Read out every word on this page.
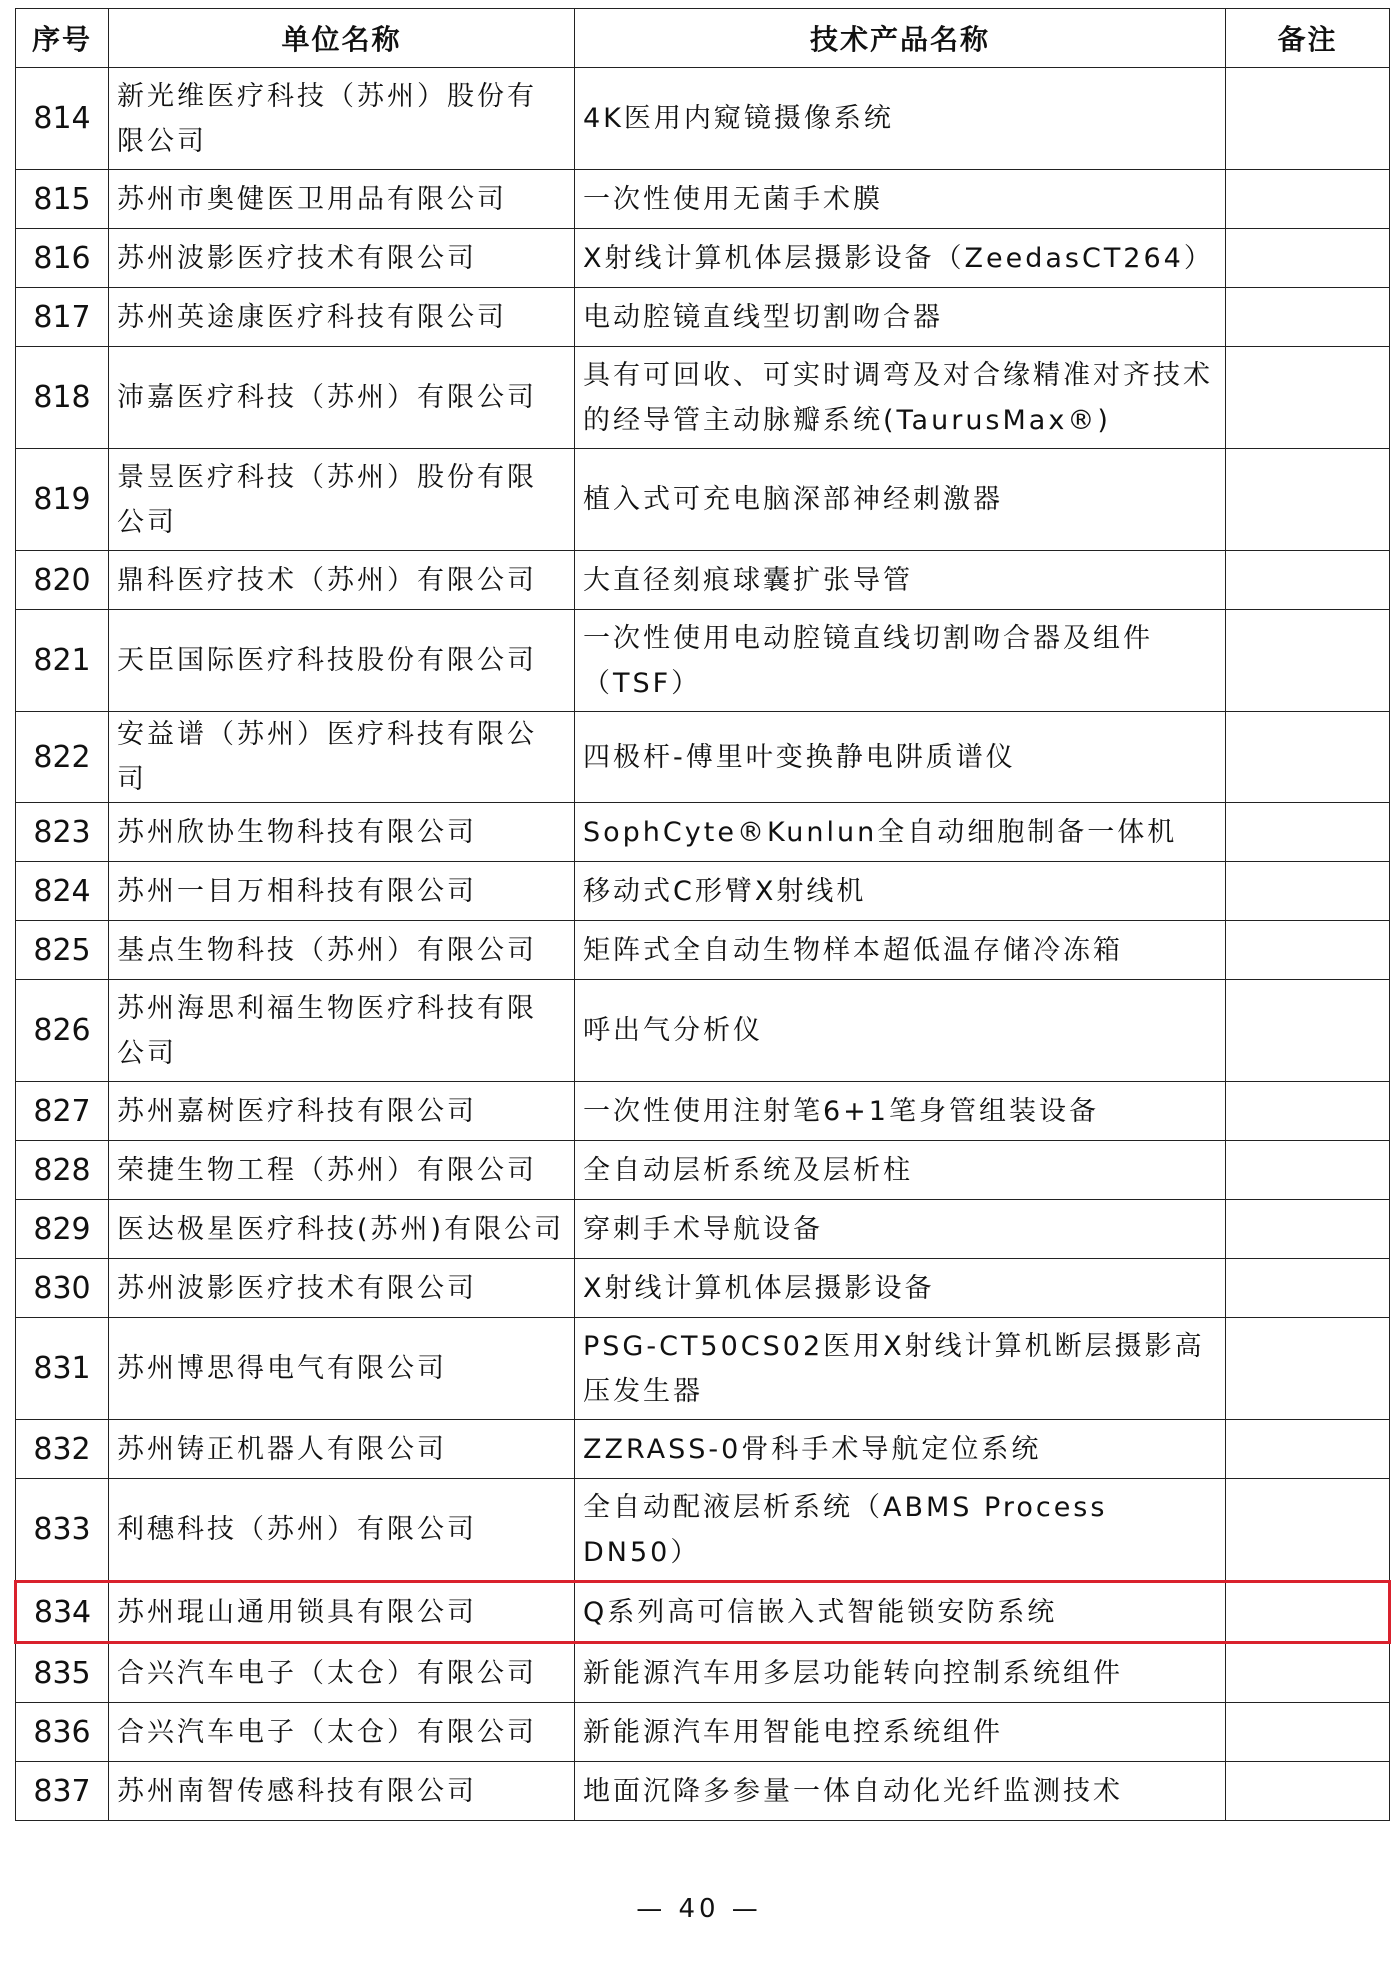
序号	单位名称	技术产品名称	备注
814	新光维医疗科技（苏州）股份有限公司	4K医用内窥镜摄像系统	
815	苏州市奥健医卫用品有限公司	一次性使用无菌手术膜	
816	苏州波影医疗技术有限公司	X射线计算机体层摄影设备（ZeedasCT264）	
817	苏州英途康医疗科技有限公司	电动腔镜直线型切割吻合器	
818	沛嘉医疗科技（苏州）有限公司	具有可回收、可实时调弯及对合缘精准对齐技术的经导管主动脉瓣系统(TaurusMax®)	
819	景昱医疗科技（苏州）股份有限公司	植入式可充电脑深部神经刺激器	
820	鼎科医疗技术（苏州）有限公司	大直径刻痕球囊扩张导管	
821	天臣国际医疗科技股份有限公司	一次性使用电动腔镜直线切割吻合器及组件（TSF）	
822	安益谱（苏州）医疗科技有限公司	四极杆-傅里叶变换静电阱质谱仪	
823	苏州欣协生物科技有限公司	SophCyte®Kunlun全自动细胞制备一体机	
824	苏州一目万相科技有限公司	移动式C形臂X射线机	
825	基点生物科技（苏州）有限公司	矩阵式全自动生物样本超低温存储冷冻箱	
826	苏州海思利福生物医疗科技有限公司	呼出气分析仪	
827	苏州嘉树医疗科技有限公司	一次性使用注射笔6+1笔身管组装设备	
828	荣捷生物工程（苏州）有限公司	全自动层析系统及层析柱	
829	医达极星医疗科技(苏州)有限公司	穿刺手术导航设备	
830	苏州波影医疗技术有限公司	X射线计算机体层摄影设备	
831	苏州博思得电气有限公司	PSG-CT50CS02医用X射线计算机断层摄影高压发生器	
832	苏州铸正机器人有限公司	ZZRASS-0骨科手术导航定位系统	
833	利穗科技（苏州）有限公司	全自动配液层析系统（ABMS Process DN50）	
834	苏州琨山通用锁具有限公司	Q系列高可信嵌入式智能锁安防系统	
835	合兴汽车电子（太仓）有限公司	新能源汽车用多层功能转向控制系统组件	
836	合兴汽车电子（太仓）有限公司	新能源汽车用智能电控系统组件	
837	苏州南智传感科技有限公司	地面沉降多参量一体自动化光纤监测技术	
— 40 —
